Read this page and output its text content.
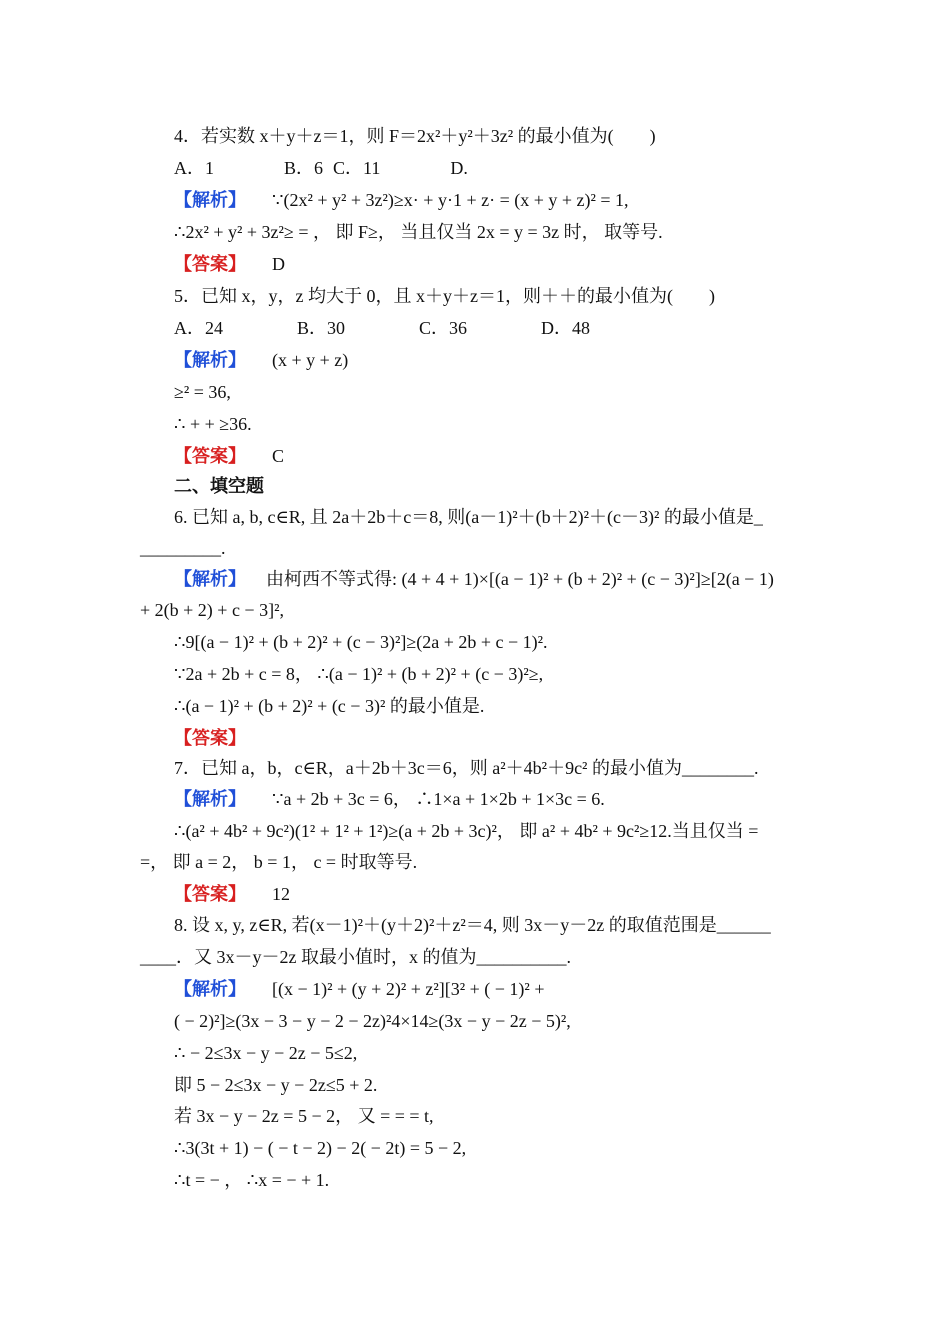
4．若实数 x＋y＋z＝1，则 F＝2x²＋y²＋3z² 的最小值为(　　)
A．1	B．6 C．11	D.
【解析】 ∵(2x² + y² + 3z²)≥x· + y·1 + z· = (x + y + z)² = 1,
∴2x² + y² + 3z²≥ = ， 即 F≥， 当且仅当 2x = y = 3z 时， 取等号.
【答案】 D
5．已知 x，y，z 均大于 0，且 x＋y＋z＝1，则＋＋的最小值为(　　)
A．24	B．30	C．36	D．48
【解析】 (x + y + z)
≥² = 36,
∴ + + ≥36.
【答案】 C
二、填空题
6. 已知 a, b, c∈R, 且 2a＋2b＋c＝8, 则(a－1)²＋(b＋2)²＋(c－3)² 的最小值是_
_________.
【解析】 由柯西不等式得: (4 + 4 + 1)×[(a − 1)² + (b + 2)² + (c − 3)²]≥[2(a − 1)
+ 2(b + 2) + c − 3]²,
∴9[(a − 1)² + (b + 2)² + (c − 3)²]≥(2a + 2b + c − 1)².
∵2a + 2b + c = 8， ∴(a − 1)² + (b + 2)² + (c − 3)²≥,
∴(a − 1)² + (b + 2)² + (c − 3)² 的最小值是.
【答案】
7．已知 a，b，c∈R，a＋2b＋3c＝6，则 a²＋4b²＋9c² 的最小值为________.
【解析】 ∵a + 2b + 3c = 6， ∴1×a + 1×2b + 1×3c = 6.
∴(a² + 4b² + 9c²)(1² + 1² + 1²)≥(a + 2b + 3c)²， 即 a² + 4b² + 9c²≥12.当且仅当 =
=， 即 a = 2， b = 1， c = 时取等号.
【答案】 12
8. 设 x, y, z∈R, 若(x－1)²＋(y＋2)²＋z²＝4, 则 3x－y－2z 的取值范围是______
____．又 3x－y－2z 取最小值时，x 的值为__________.
【解析】 [(x − 1)² + (y + 2)² + z²][3² + ( − 1)² +
( − 2)²]≥(3x − 3 − y − 2 − 2z)²4×14≥(3x − y − 2z − 5)²,
∴ − 2≤3x − y − 2z − 5≤2,
即 5 − 2≤3x − y − 2z≤5 + 2.
若 3x − y − 2z = 5 − 2， 又 = = = t,
∴3(3t + 1) − ( − t − 2) − 2( − 2t) = 5 − 2,
∴t = − ， ∴x = − + 1.
